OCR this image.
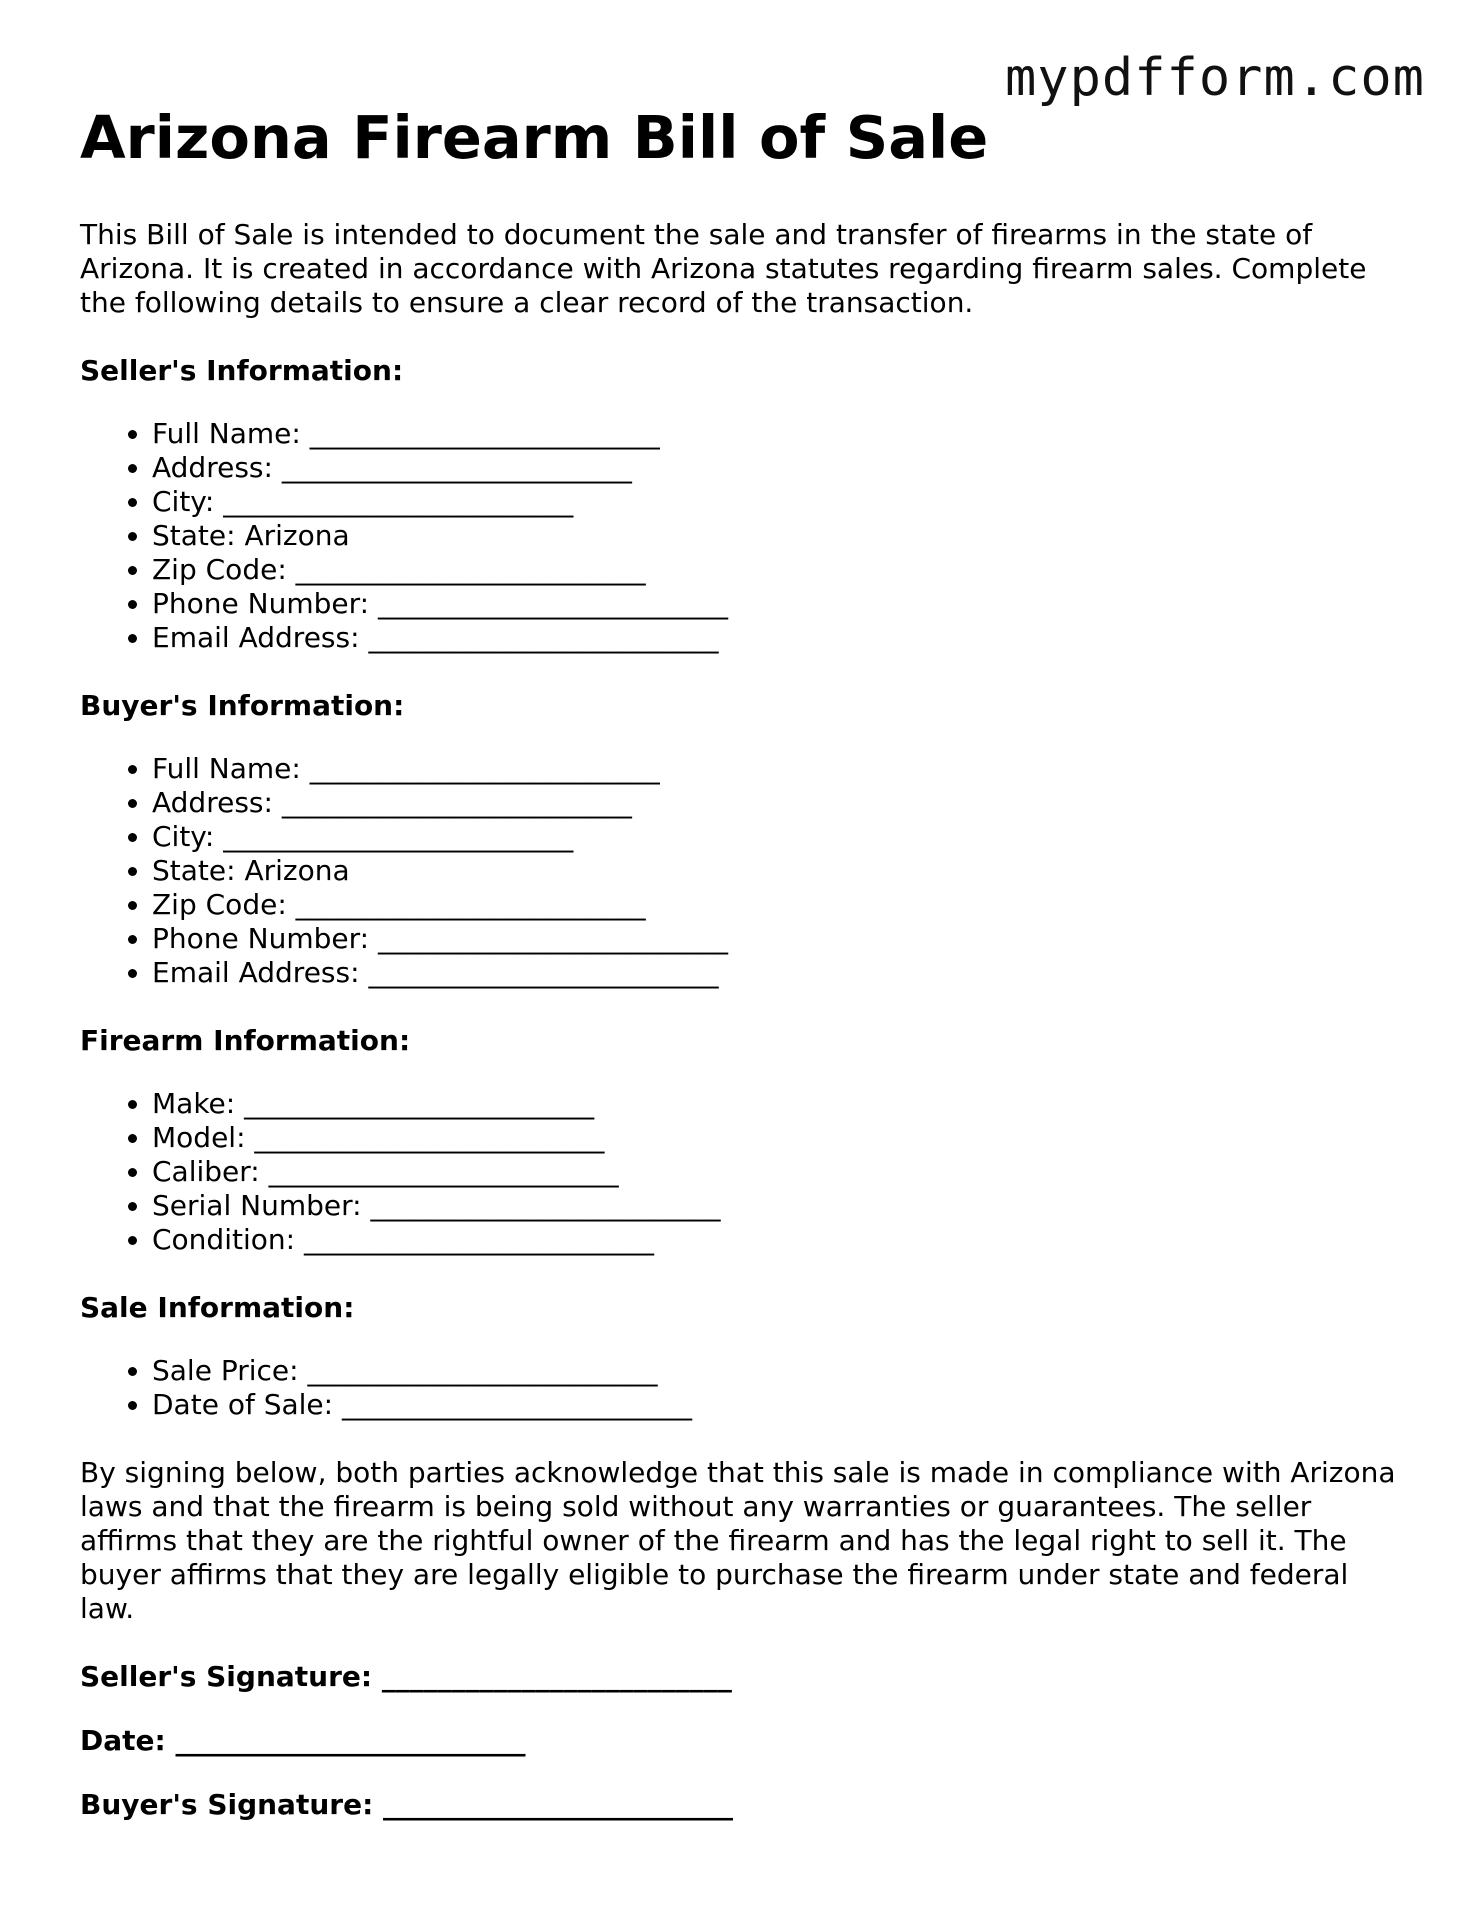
mypdfform.com
Arizona Firearm Bill of Sale

This Bill of Sale is intended to document the sale and transfer of firearms in the state of Arizona. It is created in accordance with Arizona statutes regarding firearm sales. Complete the following details to ensure a clear record of the transaction.

Seller's Information:
• Full Name: _________________________
• Address: _________________________
• City: _________________________
• State: Arizona
• Zip Code: _________________________
• Phone Number: _________________________
• Email Address: _________________________
Buyer's Information:
• Full Name: _________________________
• Address: _________________________
• City: _________________________
• State: Arizona
• Zip Code: _________________________
• Phone Number: _________________________
• Email Address: _________________________
Firearm Information:
• Make: _________________________
• Model: _________________________
• Caliber: _________________________
• Serial Number: _________________________
• Condition: _________________________
Sale Information:
• Sale Price: _________________________
• Date of Sale: _________________________

By signing below, both parties acknowledge that this sale is made in compliance with Arizona laws and that the firearm is being sold without any warranties or guarantees. The seller affirms that they are the rightful owner of the firearm and has the legal right to sell it. The buyer affirms that they are legally eligible to purchase the firearm under state and federal law.

Seller's Signature: _________________________
Date: _________________________
Buyer's Signature: _________________________
